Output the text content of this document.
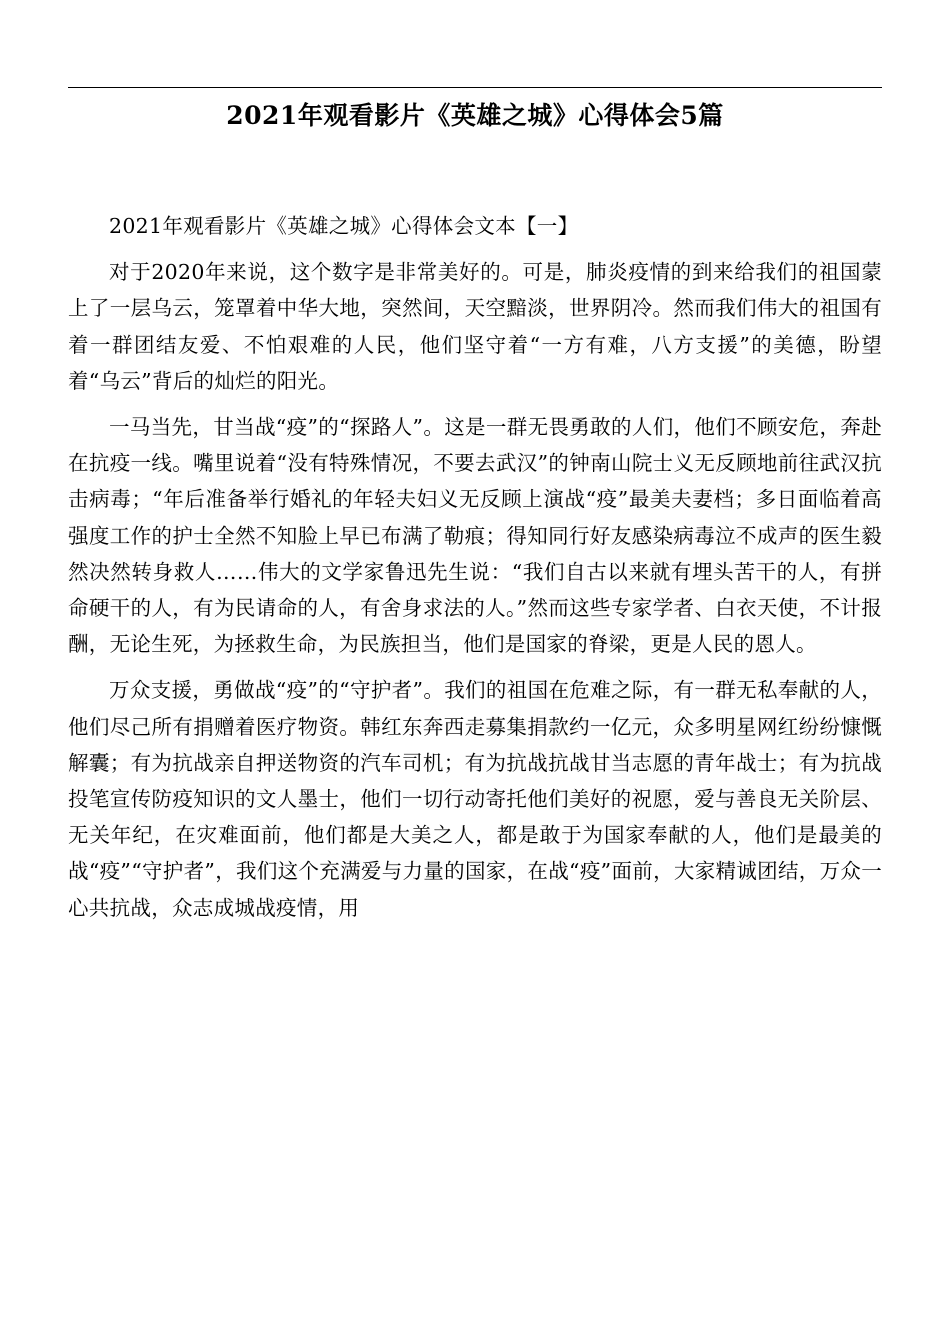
2021年观看影片《英雄之城》心得体会5篇

2021年观看影片《英雄之城》心得体会文本【一】

对于2020年来说，这个数字是非常美好的。可是，肺炎疫情的到来给我们的祖国蒙上了一层乌云，笼罩着中华大地，突然间，天空黯淡，世界阴冷。然而我们伟大的祖国有着一群团结友爱、不怕艰难的人民，他们坚守着“一方有难，八方支援”的美德，盼望着“乌云”背后的灿烂的阳光。

一马当先，甘当战“疫”的“探路人”。这是一群无畏勇敢的人们，他们不顾安危，奔赴在抗疫一线。嘴里说着“没有特殊情况，不要去武汉”的钟南山院士义无反顾地前往武汉抗击病毒；“年后准备举行婚礼的年轻夫妇义无反顾上演战“疫”最美夫妻档；多日面临着高强度工作的护士全然不知脸上早已布满了勒痕；得知同行好友感染病毒泣不成声的医生毅然决然转身救人……伟大的文学家鲁迅先生说：“我们自古以来就有埋头苦干的人，有拼命硬干的人，有为民请命的人，有舍身求法的人。”然而这些专家学者、白衣天使，不计报酬，无论生死，为拯救生命，为民族担当，他们是国家的脊梁，更是人民的恩人。

万众支援，勇做战“疫”的“守护者”。我们的祖国在危难之际，有一群无私奉献的人，他们尽己所有捐赠着医疗物资。韩红东奔西走募集捐款约一亿元，众多明星网红纷纷慷慨解囊；有为抗战亲自押送物资的汽车司机；有为抗战抗战甘当志愿的青年战士；有为抗战投笔宣传防疫知识的文人墨士，他们一切行动寄托他们美好的祝愿，爱与善良无关阶层、无关年纪，在灾难面前，他们都是大美之人，都是敢于为国家奉献的人，他们是最美的战“疫”“守护者”，我们这个充满爱与力量的国家，在战“疫”面前，大家精诚团结，万众一心共抗战，众志成城战疫情，用
